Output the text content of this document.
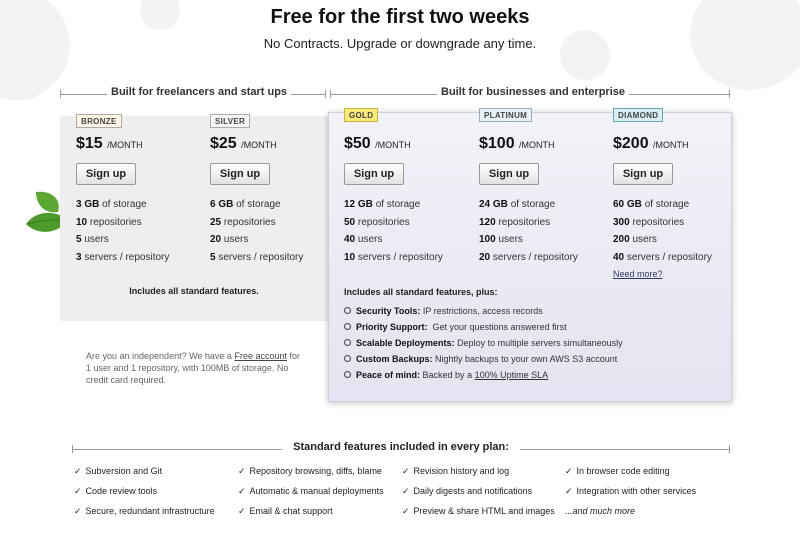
Free for the first two weeks
No Contracts. Upgrade or downgrade any time.
Built for freelancers and start ups	Built for businesses and enterprise
BRONZE
$15 /MONTH
Sign up
3 GB of storage
10 repositories
5 users
3 servers / repository
SILVER
$25 /MONTH
Sign up
6 GB of storage
25 repositories
20 users
5 servers / repository
GOLD
$50 /MONTH
Sign up
12 GB of storage
50 repositories
40 users
10 servers / repository
PLATINUM
$100 /MONTH
Sign up
24 GB of storage
120 repositories
100 users
20 servers / repository
DIAMOND
$200 /MONTH
Sign up
60 GB of storage
300 repositories
200 users
40 servers / repository
Need more?
Includes all standard features.
Are you an independent? We have a Free account for 1 user and 1 repository, with 100MB of storage. No credit card required.
Includes all standard features, plus:
Security Tools: IP restrictions, access records
Priority Support: Get your questions answered first
Scalable Deployments: Deploy to multiple servers simultaneously
Custom Backups: Nightly backups to your own AWS S3 account
Peace of mind: Backed by a 100% Uptime SLA
Standard features included in every plan:
✓ Subversion and Git
✓ Code review tools
✓ Secure, redundant infrastructure
✓ Repository browsing, diffs, blame
✓ Automatic & manual deployments
✓ Email & chat support
✓ Revision history and log
✓ Daily digests and notifications
✓ Preview & share HTML and images
✓ In browser code editing
✓ Integration with other services
...and much more
